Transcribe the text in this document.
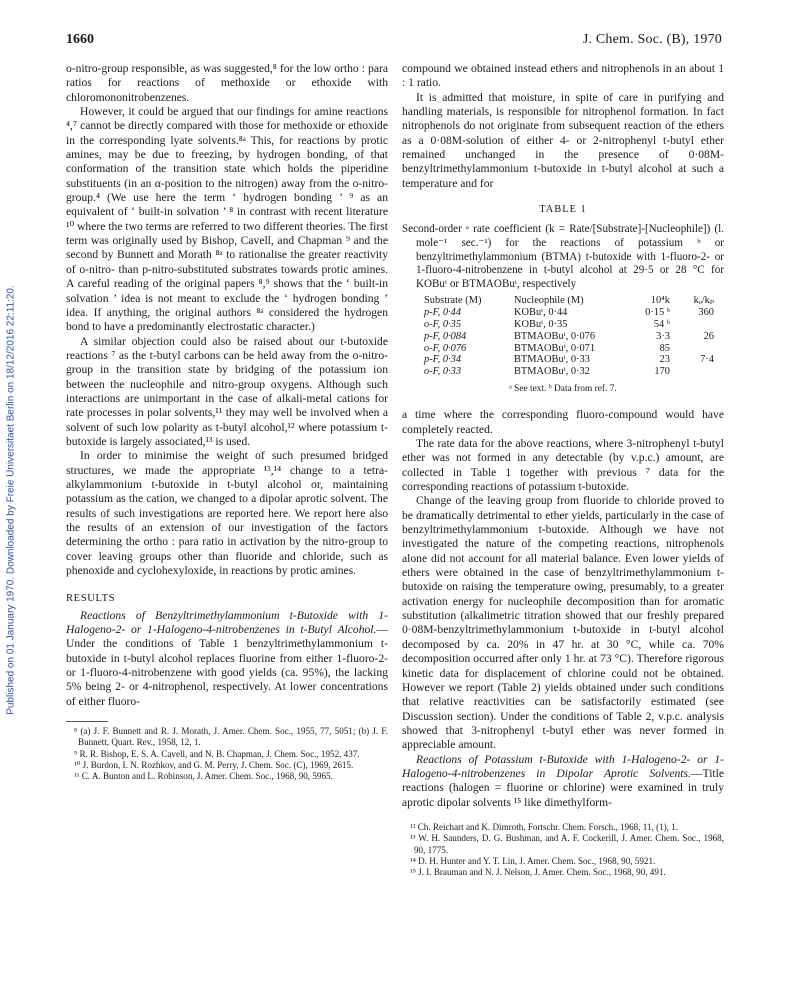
Published on 01 January 1970. Downloaded by Freie Universitaet Berlin on 18/12/2016 22:11:20.
1660	J. Chem. Soc. (B), 1970

o-nitro-group responsible, as was suggested,⁸ for the low ortho : para ratios for reactions of methoxide or ethoxide with chloromononitrobenzenes.

However, it could be argued that our findings for amine reactions ⁴,⁷ cannot be directly compared with those for methoxide or ethoxide in the corresponding lyate solvents.⁸ᵃ This, for reactions by protic amines, may be due to freezing, by hydrogen bonding, of that conformation of the transition state which holds the piperidine substituents (in an α-position to the nitrogen) away from the o-nitro-group.⁴ (We use here the term ‘ hydrogen bonding ’ ⁹ as an equivalent of ‘ built-in solvation ’ ⁸ in contrast with recent literature ¹⁰ where the two terms are referred to two different theories. The first term was originally used by Bishop, Cavell, and Chapman ⁹ and the second by Bunnett and Morath ⁸ᵃ to rationalise the greater reactivity of o-nitro- than p-nitro-substituted substrates towards protic amines. A careful reading of the original papers ⁸,⁹ shows that the ‘ built-in solvation ’ idea is not meant to exclude the ‘ hydrogen bonding ’ idea. If anything, the original authors ⁸ᵃ considered the hydrogen bond to have a predominantly electrostatic character.)

A similar objection could also be raised about our t-butoxide reactions ⁷ as the t-butyl carbons can be held away from the o-nitro-group in the transition state by bridging of the potassium ion between the nucleophile and nitro-group oxygens. Although such interactions are unimportant in the case of alkali-metal cations for rate processes in polar solvents,¹¹ they may well be involved when a solvent of such low polarity as t-butyl alcohol,¹² where potassium t-butoxide is largely associated,¹³ is used.

In order to minimise the weight of such presumed bridged structures, we made the appropriate ¹³,¹⁴ change to a tetra-alkylammonium t-butoxide in t-butyl alcohol or, maintaining potassium as the cation, we changed to a dipolar aprotic solvent. The results of such investigations are reported here. We report here also the results of an extension of our investigation of the factors determining the ortho : para ratio in activation by the nitro-group to cover leaving groups other than fluoride and chloride, such as phenoxide and cyclohexyloxide, in reactions by protic amines.

RESULTS

Reactions of Benzyltrimethylammonium t-Butoxide with 1-Halogeno-2- or 1-Halogeno-4-nitrobenzenes in t-Butyl Alcohol.—Under the conditions of Table 1 benzyltrimethylammonium t-butoxide in t-butyl alcohol replaces fluorine from either 1-fluoro-2- or 1-fluoro-4-nitrobenzene with good yields (ca. 95%), the lacking 5% being 2- or 4-nitrophenol, respectively. At lower concentrations of either fluoro-

⁸ (a) J. F. Bunnett and R. J. Morath, J. Amer. Chem. Soc., 1955, 77, 5051; (b) J. F. Bunnett, Quart. Rev., 1958, 12, 1.

⁹ R. R. Bishop, E. S. A. Cavell, and N. B. Chapman, J. Chem. Soc., 1952, 437.

¹⁰ J. Burdon, I. N. Rozhkov, and G. M. Perry, J. Chem. Soc. (C), 1969, 2615.

¹¹ C. A. Bunton and L. Robinson, J. Amer. Chem. Soc., 1968, 90, 5965.

compound we obtained instead ethers and nitrophenols in an about 1 : 1 ratio.

It is admitted that moisture, in spite of care in purifying and handling materials, is responsible for nitrophenol formation. In fact nitrophenols do not originate from subsequent reaction of the ethers as a 0·08M-solution of either 4- or 2-nitrophenyl t-butyl ether remained unchanged in the presence of 0·08M-benzyltrimethylammonium t-butoxide in t-butyl alcohol at such a temperature and for

TABLE 1

Second-order ᵃ rate coefficient (k = Rate/[Substrate]-[Nucleophile]) (l. mole⁻¹ sec.⁻¹) for the reactions of potassium ᵇ or benzyltrimethylammonium (BTMA) t-butoxide with 1-fluoro-2- or 1-fluoro-4-nitrobenzene in t-butyl alcohol at 29·5 or 28 °C for KOBuᵗ or BTMAOBuᵗ, respectively

Substrate (M)	Nucleophile (M)	10⁴k	kₒ/kₚ
p-F, 0·44	KOBuᵗ, 0·44	0·15 ᵇ	360
o-F, 0·35	KOBuᵗ, 0·35	54 ᵇ	
p-F, 0·084	BTMAOBuᵗ, 0·076	3·3	26
o-F, 0·076	BTMAOBuᵗ, 0·071	85	
p-F, 0·34	BTMAOBuᵗ, 0·33	23	7·4
o-F, 0·33	BTMAOBuᵗ, 0·32	170	
ᵃ See text. ᵇ Data from ref. 7.

a time where the corresponding fluoro-compound would have completely reacted.

The rate data for the above reactions, where 3-nitrophenyl t-butyl ether was not formed in any detectable (by v.p.c.) amount, are collected in Table 1 together with previous ⁷ data for the corresponding reactions of potassium t-butoxide.

Change of the leaving group from fluoride to chloride proved to be dramatically detrimental to ether yields, particularly in the case of benzyltrimethylammonium t-butoxide. Although we have not investigated the nature of the competing reactions, nitrophenols alone did not account for all material balance. Even lower yields of ethers were obtained in the case of benzyltrimethylammonium t-butoxide on raising the temperature owing, presumably, to a greater activation energy for nucleophile decomposition than for aromatic substitution (alkalimetric titration showed that our freshly prepared 0·08M-benzyltrimethylammonium t-butoxide in t-butyl alcohol decomposed by ca. 20% in 47 hr. at 30 °C, while ca. 70% decomposition occurred after only 1 hr. at 73 °C). Therefore rigorous kinetic data for displacement of chlorine could not be obtained. However we report (Table 2) yields obtained under such conditions that relative reactivities can be satisfactorily estimated (see Discussion section). Under the conditions of Table 2, v.p.c. analysis showed that 3-nitrophenyl t-butyl ether was never formed in appreciable amount.

Reactions of Potassium t-Butoxide with 1-Halogeno-2- or 1-Halogeno-4-nitrobenzenes in Dipolar Aprotic Solvents.—Title reactions (halogen = fluorine or chlorine) were examined in truly aprotic dipolar solvents ¹⁵ like dimethylform-

¹² Ch. Reichart and K. Dimroth, Fortschr. Chem. Forsch., 1968, 11, (1), 1.

¹³ W. H. Saunders, D. G. Bushman, and A. F. Cockerill, J. Amer. Chem. Soc., 1968, 90, 1775.

¹⁴ D. H. Hunter and Y. T. Lin, J. Amer. Chem. Soc., 1968, 90, 5921.

¹⁵ J. I. Brauman and N. J. Nelson, J. Amer. Chem. Soc., 1968, 90, 491.
